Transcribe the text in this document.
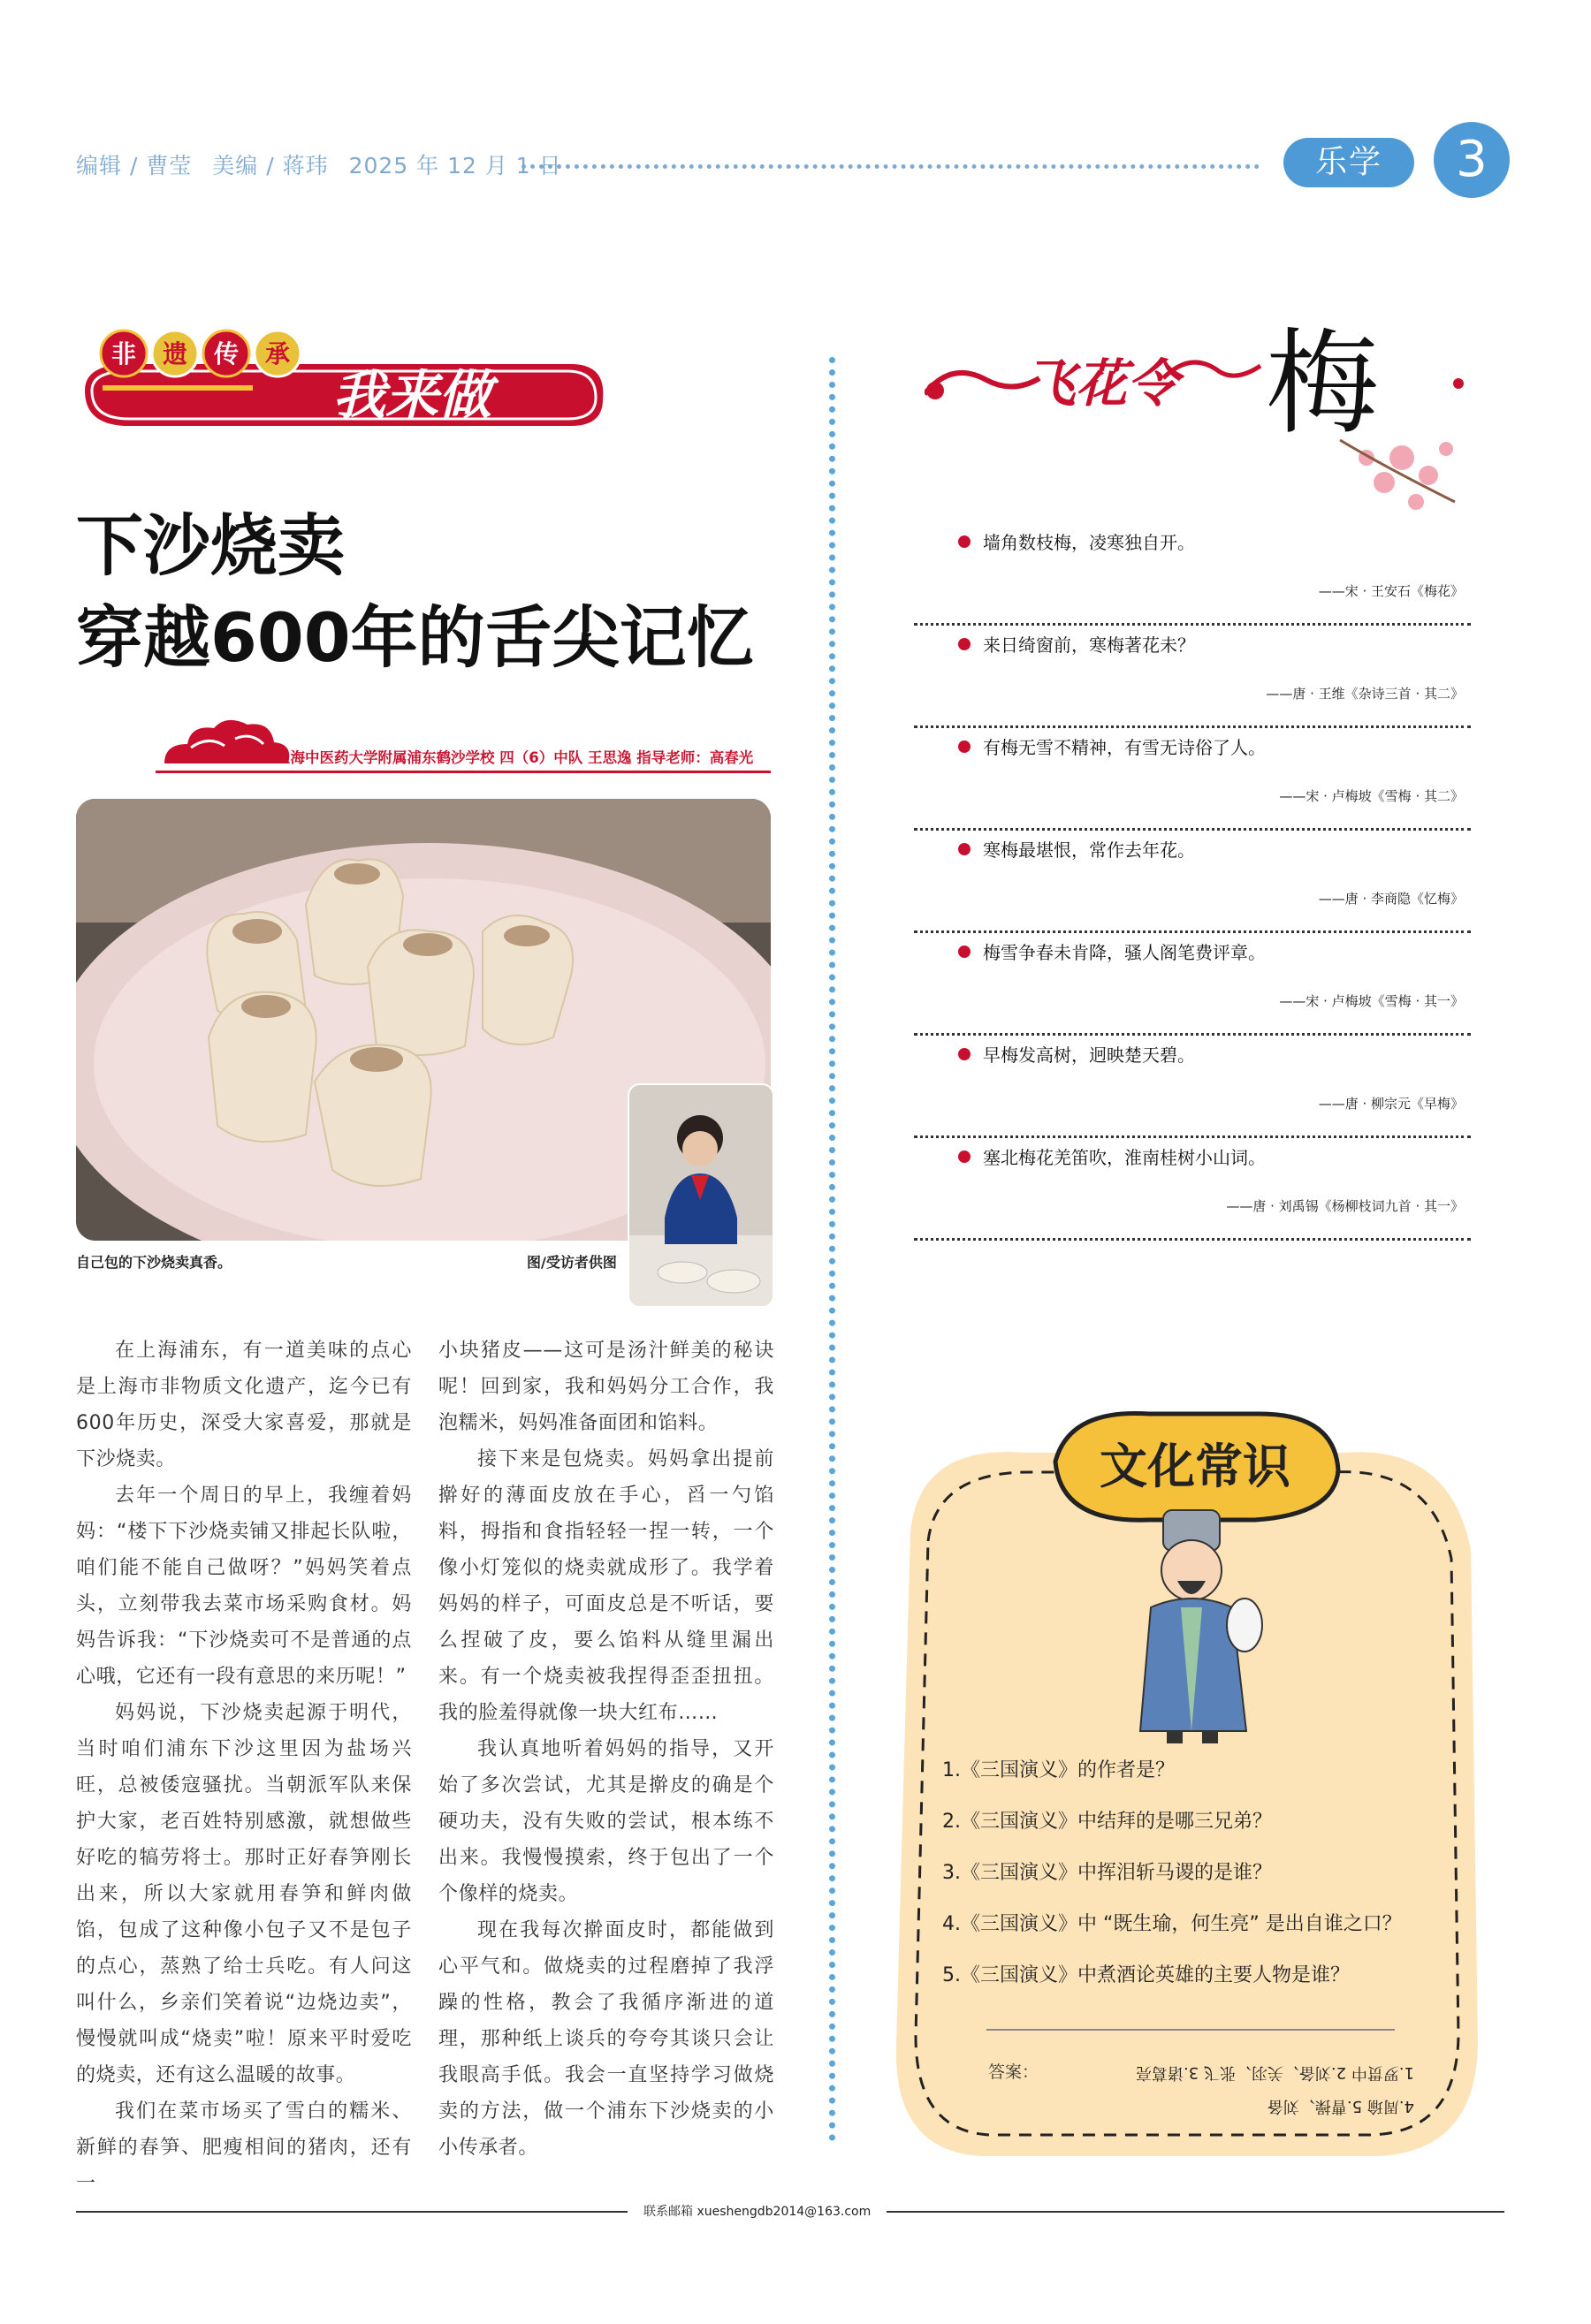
编辑 / 曹莹 美编 / 蒋玮 2025 年 12 月 1 日	乐学	3
非 遗 传 承
我来做
下沙烧卖
穿越600年的舌尖记忆
上海中医药大学附属浦东鹤沙学校 四（6）中队 王思逸 指导老师：高春光
自己包的下沙烧卖真香。	图/受访者供图

在上海浦东，有一道美味的点心是上海市非物质文化遗产，迄今已有600年历史，深受大家喜爱，那就是下沙烧卖。

去年一个周日的早上，我缠着妈妈：“楼下下沙烧卖铺又排起长队啦，咱们能不能自己做呀？”妈妈笑着点头，立刻带我去菜市场采购食材。妈妈告诉我：“下沙烧卖可不是普通的点心哦，它还有一段有意思的来历呢！”

妈妈说，下沙烧卖起源于明代，当时咱们浦东下沙这里因为盐场兴旺，总被倭寇骚扰。当朝派军队来保护大家，老百姓特别感激，就想做些好吃的犒劳将士。那时正好春笋刚长出来，所以大家就用春笋和鲜肉做馅，包成了这种像小包子又不是包子的点心，蒸熟了给士兵吃。有人问这叫什么，乡亲们笑着说“边烧边卖”，慢慢就叫成“烧卖”啦！原来平时爱吃的烧卖，还有这么温暖的故事。

我们在菜市场买了雪白的糯米、新鲜的春笋、肥瘦相间的猪肉，还有一

小块猪皮——这可是汤汁鲜美的秘诀呢！回到家，我和妈妈分工合作，我泡糯米，妈妈准备面团和馅料。

接下来是包烧卖。妈妈拿出提前擀好的薄面皮放在手心，舀一勺馅料，拇指和食指轻轻一捏一转，一个像小灯笼似的烧卖就成形了。我学着妈妈的样子，可面皮总是不听话，要么捏破了皮，要么馅料从缝里漏出来。有一个烧卖被我捏得歪歪扭扭。我的脸羞得就像一块大红布……

我认真地听着妈妈的指导，又开始了多次尝试，尤其是擀皮的确是个硬功夫，没有失败的尝试，根本练不出来。我慢慢摸索，终于包出了一个个像样的烧卖。

现在我每次擀面皮时，都能做到心平气和。做烧卖的过程磨掉了我浮躁的性格，教会了我循序渐进的道理，那种纸上谈兵的夸夸其谈只会让我眼高手低。我会一直坚持学习做烧卖的方法，做一个浦东下沙烧卖的小小传承者。

飞花令 梅
墙角数枝梅，凌寒独自开。
——宋 · 王安石《梅花》
来日绮窗前，寒梅著花未？
——唐 · 王维《杂诗三首 · 其二》
有梅无雪不精神，有雪无诗俗了人。
——宋 · 卢梅坡《雪梅 · 其二》
寒梅最堪恨，常作去年花。
——唐 · 李商隐《忆梅》
梅雪争春未肯降，骚人阁笔费评章。
——宋 · 卢梅坡《雪梅 · 其一》
早梅发高树，迥映楚天碧。
——唐 · 柳宗元《早梅》
塞北梅花羌笛吹，淮南桂树小山词。
——唐 · 刘禹锡《杨柳枝词九首 · 其一》
文化常识
1.《三国演义》的作者是？
2.《三国演义》中结拜的是哪三兄弟？
3.《三国演义》中挥泪斩马谡的是谁？
4.《三国演义》中 “既生瑜，何生亮” 是出自谁之口？
5.《三国演义》中煮酒论英雄的主要人物是谁？
答案：
4.周瑜 5.曹操、刘备
1.罗贯中 2.刘备、关羽、张飞 3.诸葛亮
联系邮箱 xueshengdb2014@163.com
